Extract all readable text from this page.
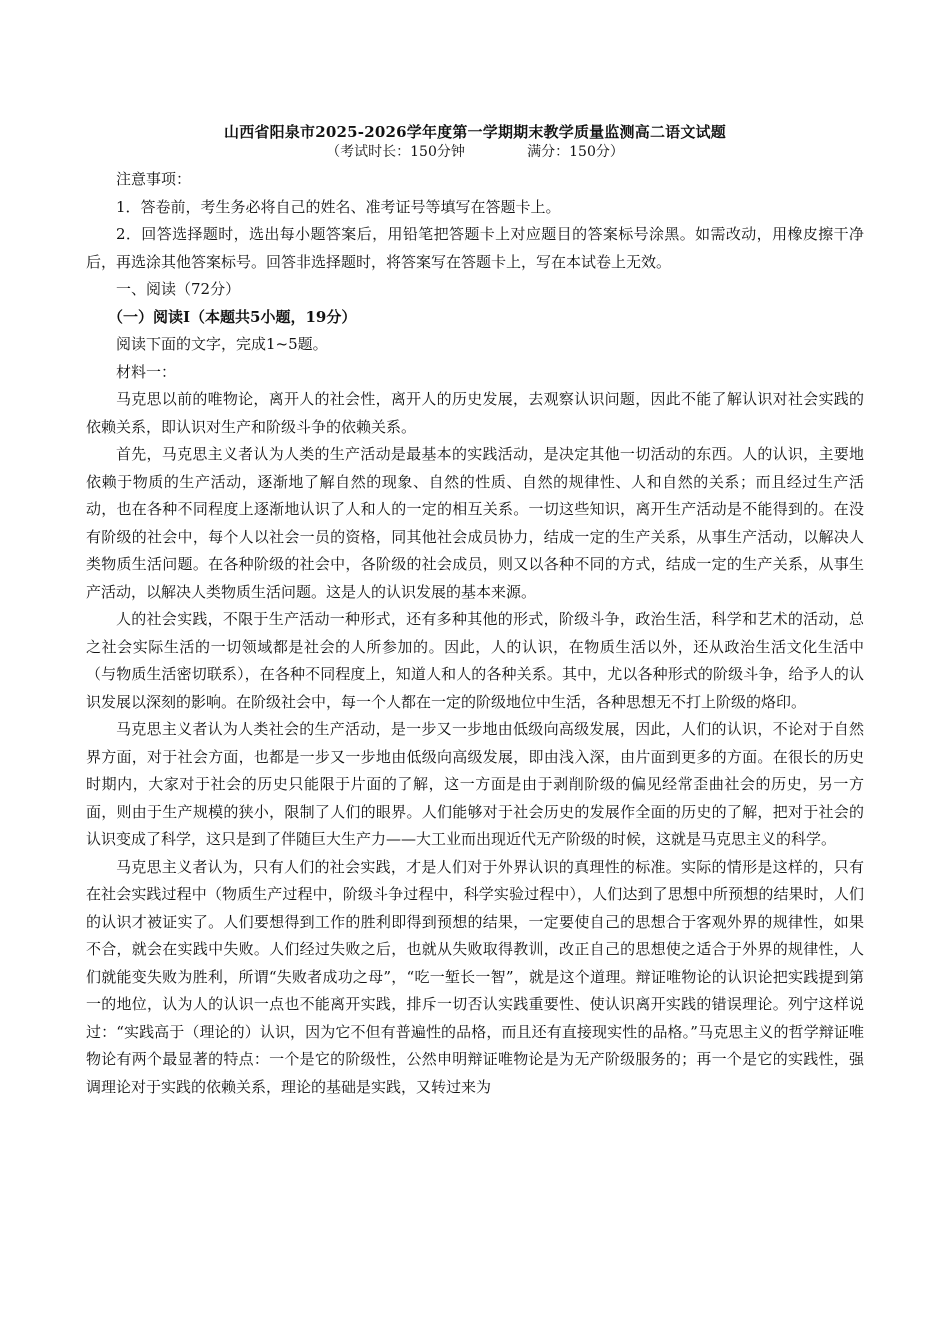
山西省阳泉市2025-2026学年度第一学期期末教学质量监测高二语文试题

（考试时长：150分钟              满分：150分）

注意事项：

1．答卷前，考生务必将自己的姓名、准考证号等填写在答题卡上。

2．回答选择题时，选出每小题答案后，用铅笔把答题卡上对应题目的答案标号涂黑。如需改动，用橡皮擦干净后，再选涂其他答案标号。回答非选择题时，将答案写在答题卡上，写在本试卷上无效。

一、阅读（72分）

（一）阅读Ⅰ（本题共5小题，19分）

阅读下面的文字，完成1~5题。

材料一：

马克思以前的唯物论，离开人的社会性，离开人的历史发展，去观察认识问题，因此不能了解认识对社会实践的依赖关系，即认识对生产和阶级斗争的依赖关系。

首先，马克思主义者认为人类的生产活动是最基本的实践活动，是决定其他一切活动的东西。人的认识，主要地依赖于物质的生产活动，逐渐地了解自然的现象、自然的性质、自然的规律性、人和自然的关系；而且经过生产活动，也在各种不同程度上逐渐地认识了人和人的一定的相互关系。一切这些知识，离开生产活动是不能得到的。在没有阶级的社会中，每个人以社会一员的资格，同其他社会成员协力，结成一定的生产关系，从事生产活动，以解决人类物质生活问题。在各种阶级的社会中，各阶级的社会成员，则又以各种不同的方式，结成一定的生产关系，从事生产活动，以解决人类物质生活问题。这是人的认识发展的基本来源。

人的社会实践，不限于生产活动一种形式，还有多种其他的形式，阶级斗争，政治生活，科学和艺术的活动，总之社会实际生活的一切领域都是社会的人所参加的。因此，人的认识，在物质生活以外，还从政治生活文化生活中（与物质生活密切联系），在各种不同程度上，知道人和人的各种关系。其中，尤以各种形式的阶级斗争，给予人的认识发展以深刻的影响。在阶级社会中，每一个人都在一定的阶级地位中生活，各种思想无不打上阶级的烙印。

马克思主义者认为人类社会的生产活动，是一步又一步地由低级向高级发展，因此，人们的认识，不论对于自然界方面，对于社会方面，也都是一步又一步地由低级向高级发展，即由浅入深，由片面到更多的方面。在很长的历史时期内，大家对于社会的历史只能限于片面的了解，这一方面是由于剥削阶级的偏见经常歪曲社会的历史，另一方面，则由于生产规模的狭小，限制了人们的眼界。人们能够对于社会历史的发展作全面的历史的了解，把对于社会的认识变成了科学，这只是到了伴随巨大生产力——大工业而出现近代无产阶级的时候，这就是马克思主义的科学。

马克思主义者认为，只有人们的社会实践，才是人们对于外界认识的真理性的标准。实际的情形是这样的，只有在社会实践过程中（物质生产过程中，阶级斗争过程中，科学实验过程中），人们达到了思想中所预想的结果时，人们的认识才被证实了。人们要想得到工作的胜利即得到预想的结果，一定要使自己的思想合于客观外界的规律性，如果不合，就会在实践中失败。人们经过失败之后，也就从失败取得教训，改正自己的思想使之适合于外界的规律性，人们就能变失败为胜利，所谓“失败者成功之母”，“吃一堑长一智”，就是这个道理。辩证唯物论的认识论把实践提到第一的地位，认为人的认识一点也不能离开实践，排斥一切否认实践重要性、使认识离开实践的错误理论。列宁这样说过：“实践高于（理论的）认识，因为它不但有普遍性的品格，而且还有直接现实性的品格。”马克思主义的哲学辩证唯物论有两个最显著的特点：一个是它的阶级性，公然申明辩证唯物论是为无产阶级服务的；再一个是它的实践性，强调理论对于实践的依赖关系，理论的基础是实践，又转过来为
